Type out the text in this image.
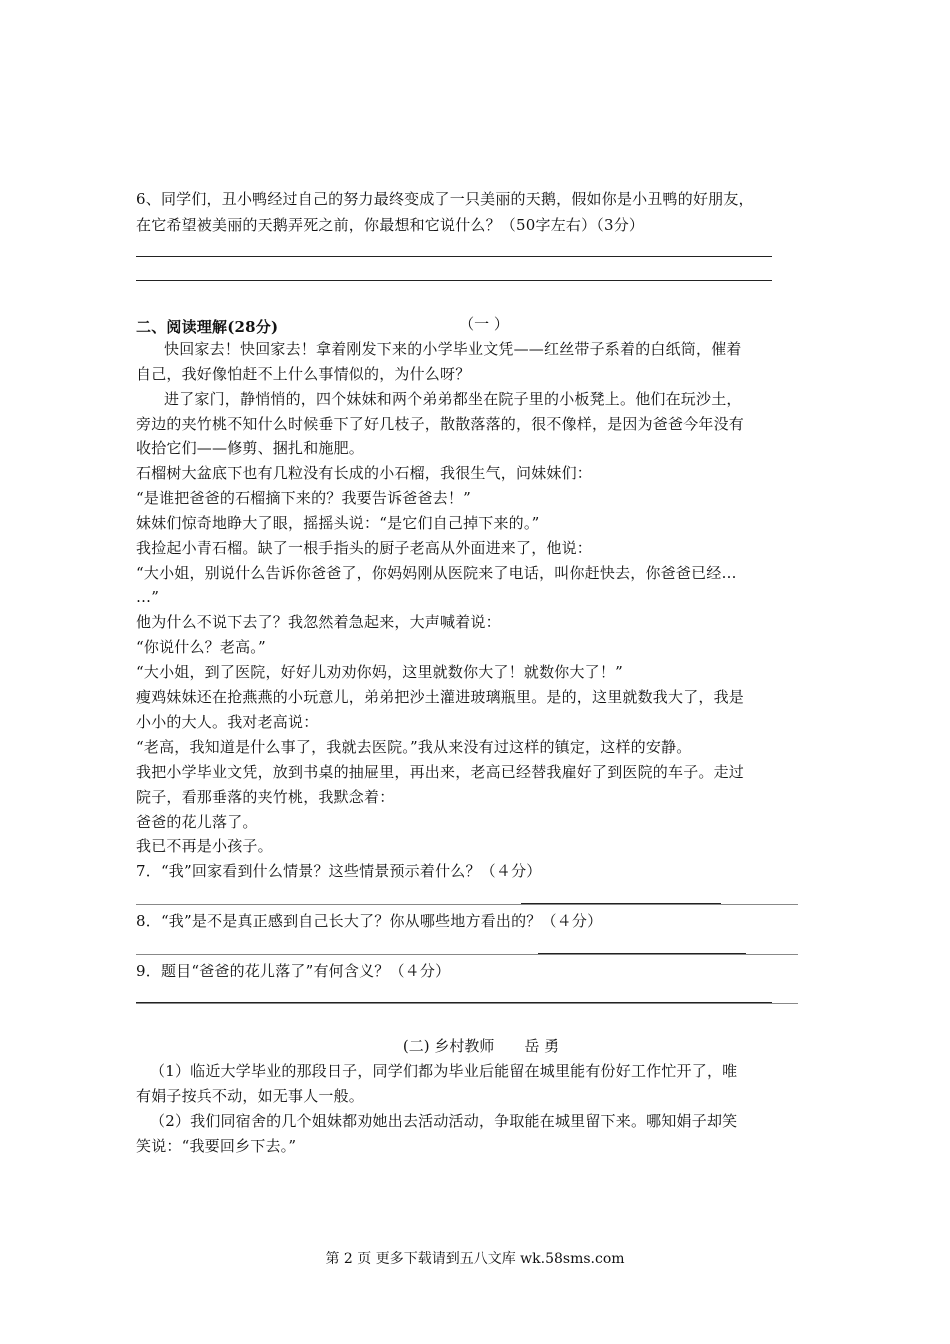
6、同学们，丑小鸭经过自己的努力最终变成了一只美丽的天鹅，假如你是小丑鸭的好朋友，
在它希望被美丽的天鹅弄死之前，你最想和它说什么？（50字左右）（3分）
二、阅读理解(28分)	（一 ）
快回家去！快回家去！拿着刚发下来的小学毕业文凭——红丝带子系着的白纸筒，催着
自己，我好像怕赶不上什么事情似的，为什么呀？
进了家门，静悄悄的，四个妹妹和两个弟弟都坐在院子里的小板凳上。他们在玩沙土，
旁边的夹竹桃不知什么时候垂下了好几枝子，散散落落的，很不像样，是因为爸爸今年没有
收拾它们——修剪、捆扎和施肥。
石榴树大盆底下也有几粒没有长成的小石榴，我很生气，问妹妹们：
“是谁把爸爸的石榴摘下来的？我要告诉爸爸去！”
妹妹们惊奇地睁大了眼，摇摇头说：“是它们自己掉下来的。”
我捡起小青石榴。缺了一根手指头的厨子老高从外面进来了，他说：
“大小姐，别说什么告诉你爸爸了，你妈妈刚从医院来了电话，叫你赶快去，你爸爸已经…
…”
他为什么不说下去了？我忽然着急起来，大声喊着说：
“你说什么？老高。”
“大小姐，到了医院，好好儿劝劝你妈，这里就数你大了！就数你大了！”
瘦鸡妹妹还在抢燕燕的小玩意儿，弟弟把沙土灌进玻璃瓶里。是的，这里就数我大了，我是
小小的大人。我对老高说：
“老高，我知道是什么事了，我就去医院。”我从来没有过这样的镇定，这样的安静。
我把小学毕业文凭，放到书桌的抽屉里，再出来，老高已经替我雇好了到医院的车子。走过
院子，看那垂落的夹竹桃，我默念着：
爸爸的花儿落了。
我已不再是小孩子。
7．“我”回家看到什么情景？这些情景预示着什么？（４分）
8．“我”是不是真正感到自己长大了？你从哪些地方看出的？（４分）
9．题目“爸爸的花儿落了”有何含义？（４分）
(二) 乡村教师　　岳 勇
（1）临近大学毕业的那段日子，同学们都为毕业后能留在城里能有份好工作忙开了，唯
有娟子按兵不动，如无事人一般。
（2）我们同宿舍的几个姐妹都劝她出去活动活动，争取能在城里留下来。哪知娟子却笑
笑说：“我要回乡下去。”
第 2 页 更多下载请到五八文库 wk.58sms.com
